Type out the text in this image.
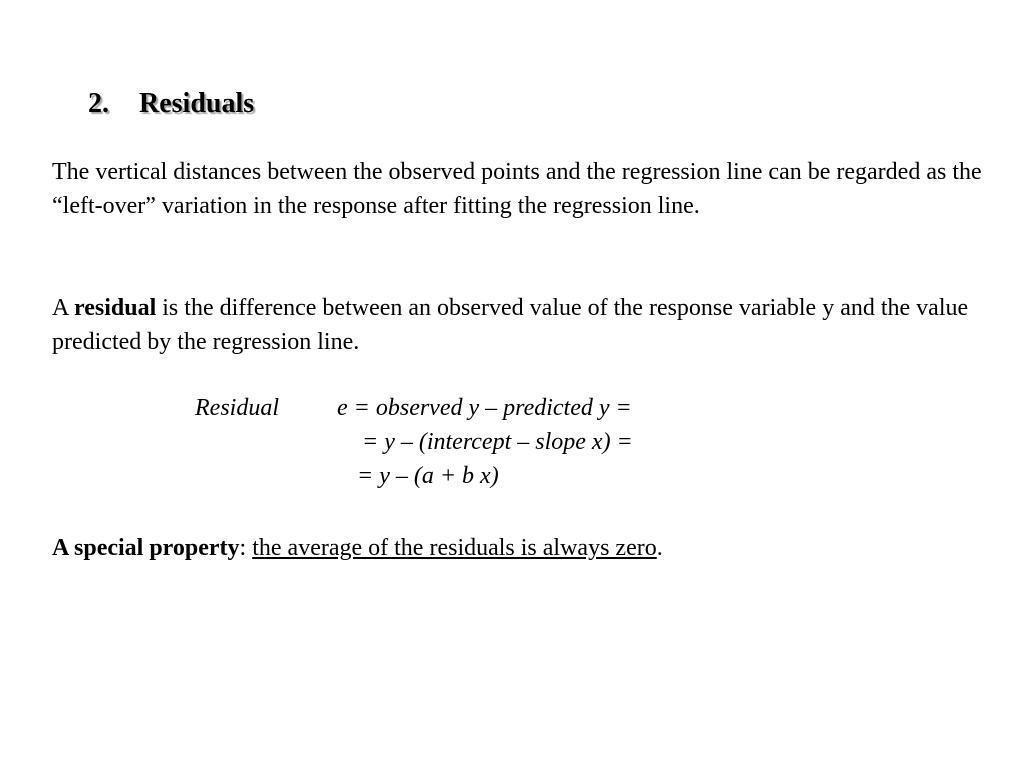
2. Residuals
The vertical distances between the observed points and the regression line can be regarded as the “left-over” variation in the response after fitting the regression line.
A residual is the difference between an observed value of the response variable y and the value predicted by the regression line.
Residual e = observed y – predicted y =
= y – (intercept – slope x) =
= y – (a + b x)
A special property: the average of the residuals is always zero.
